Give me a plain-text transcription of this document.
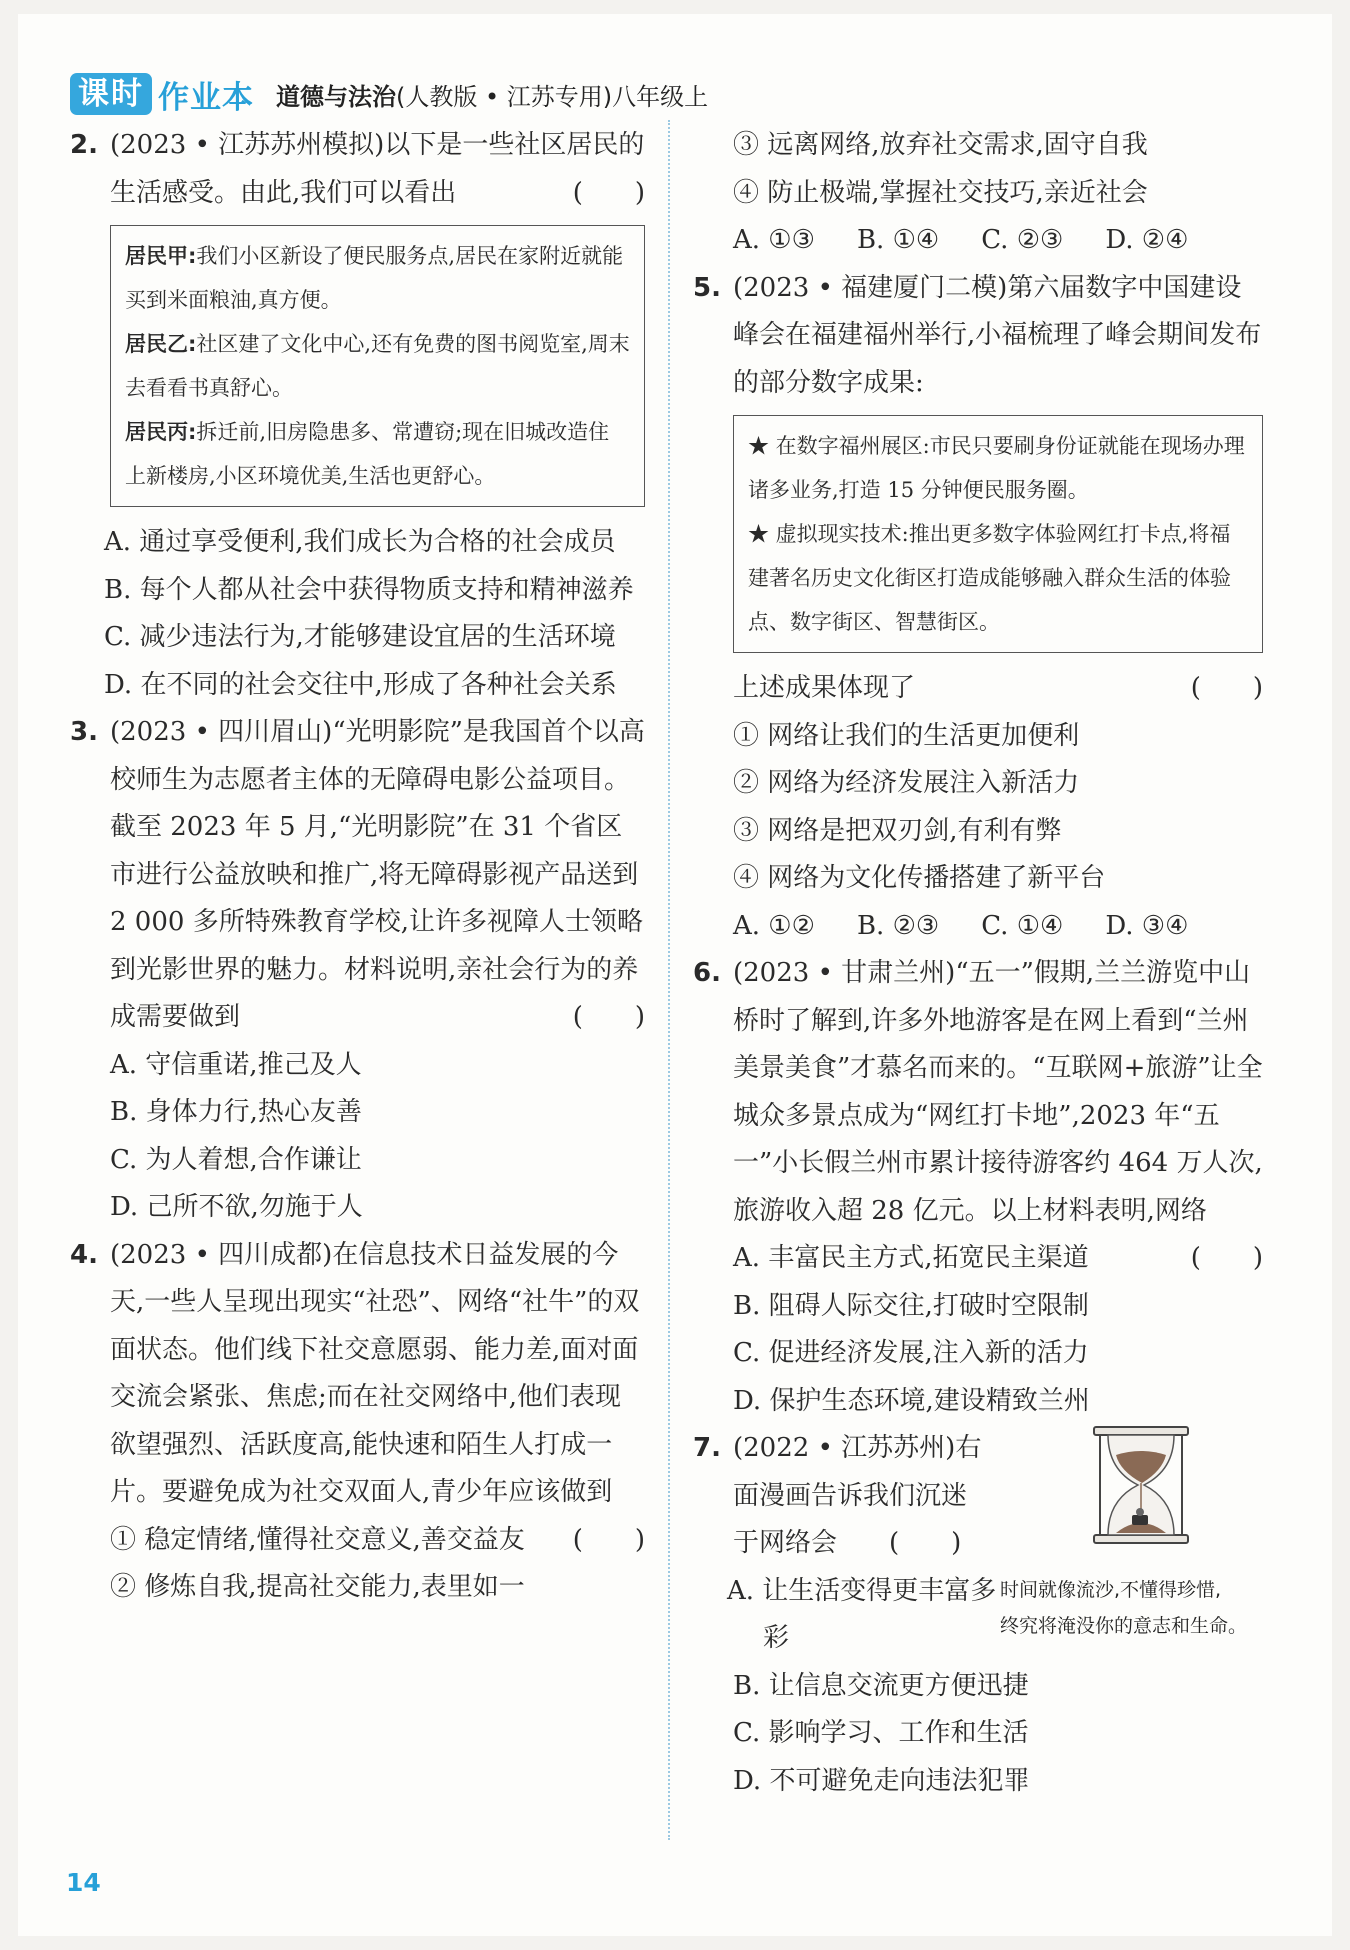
课时 作业本 道德与法治(人教版 • 江苏专用)八年级上
2. (2023 • 江苏苏州模拟)以下是一些社区居民的生活感受。由此,我们可以看出	(　　)
居民甲:我们小区新设了便民服务点,居民在家附近就能买到米面粮油,真方便。
居民乙:社区建了文化中心,还有免费的图书阅览室,周末去看看书真舒心。
居民丙:拆迁前,旧房隐患多、常遭窃;现在旧城改造住上新楼房,小区环境优美,生活也更舒心。
A. 通过享受便利,我们成长为合格的社会成员
B. 每个人都从社会中获得物质支持和精神滋养
C. 减少违法行为,才能够建设宜居的生活环境
D. 在不同的社会交往中,形成了各种社会关系
3. (2023 • 四川眉山)“光明影院”是我国首个以高校师生为志愿者主体的无障碍电影公益项目。截至 2023 年 5 月,“光明影院”在 31 个省区市进行公益放映和推广,将无障碍影视产品送到 2 000 多所特殊教育学校,让许多视障人士领略到光影世界的魅力。材料说明,亲社会行为的养成需要做到	(　　)
A. 守信重诺,推己及人
B. 身体力行,热心友善
C. 为人着想,合作谦让
D. 己所不欲,勿施于人
4. (2023 • 四川成都)在信息技术日益发展的今天,一些人呈现出现实“社恐”、网络“社牛”的双面状态。他们线下社交意愿弱、能力差,面对面交流会紧张、焦虑;而在社交网络中,他们表现欲望强烈、活跃度高,能快速和陌生人打成一片。要避免成为社交双面人,青少年应该做到
(　　)
① 稳定情绪,懂得社交意义,善交益友
② 修炼自我,提高社交能力,表里如一
③ 远离网络,放弃社交需求,固守自我
④ 防止极端,掌握社交技巧,亲近社会
A. ①③ B. ①④ C. ②③ D. ②④
5. (2023 • 福建厦门二模)第六届数字中国建设峰会在福建福州举行,小福梳理了峰会期间发布的部分数字成果:
★ 在数字福州展区:市民只要刷身份证就能在现场办理诸多业务,打造 15 分钟便民服务圈。
★ 虚拟现实技术:推出更多数字体验网红打卡点,将福建著名历史文化街区打造成能够融入群众生活的体验点、数字街区、智慧街区。
上述成果体现了	(　　)
① 网络让我们的生活更加便利
② 网络为经济发展注入新活力
③ 网络是把双刃剑,有利有弊
④ 网络为文化传播搭建了新平台
A. ①② B. ②③ C. ①④ D. ③④
6. (2023 • 甘肃兰州)“五一”假期,兰兰游览中山桥时了解到,许多外地游客是在网上看到“兰州美景美食”才慕名而来的。“互联网+旅游”让全城众多景点成为“网红打卡地”,2023 年“五一”小长假兰州市累计接待游客约 464 万人次,旅游收入超 28 亿元。以上材料表明,网络
(　　)
A. 丰富民主方式,拓宽民主渠道
B. 阻碍人际交往,打破时空限制
C. 促进经济发展,注入新的活力
D. 保护生态环境,建设精致兰州
7. (2022 • 江苏苏州)右
面漫画告诉我们沉迷
于网络会　　 (　　)
时间就像流沙,不懂得珍惜,
终究将淹没你的意志和生命。
A. 让生活变得更丰富多彩
B. 让信息交流更方便迅捷
C. 影响学习、工作和生活
D. 不可避免走向违法犯罪
14
